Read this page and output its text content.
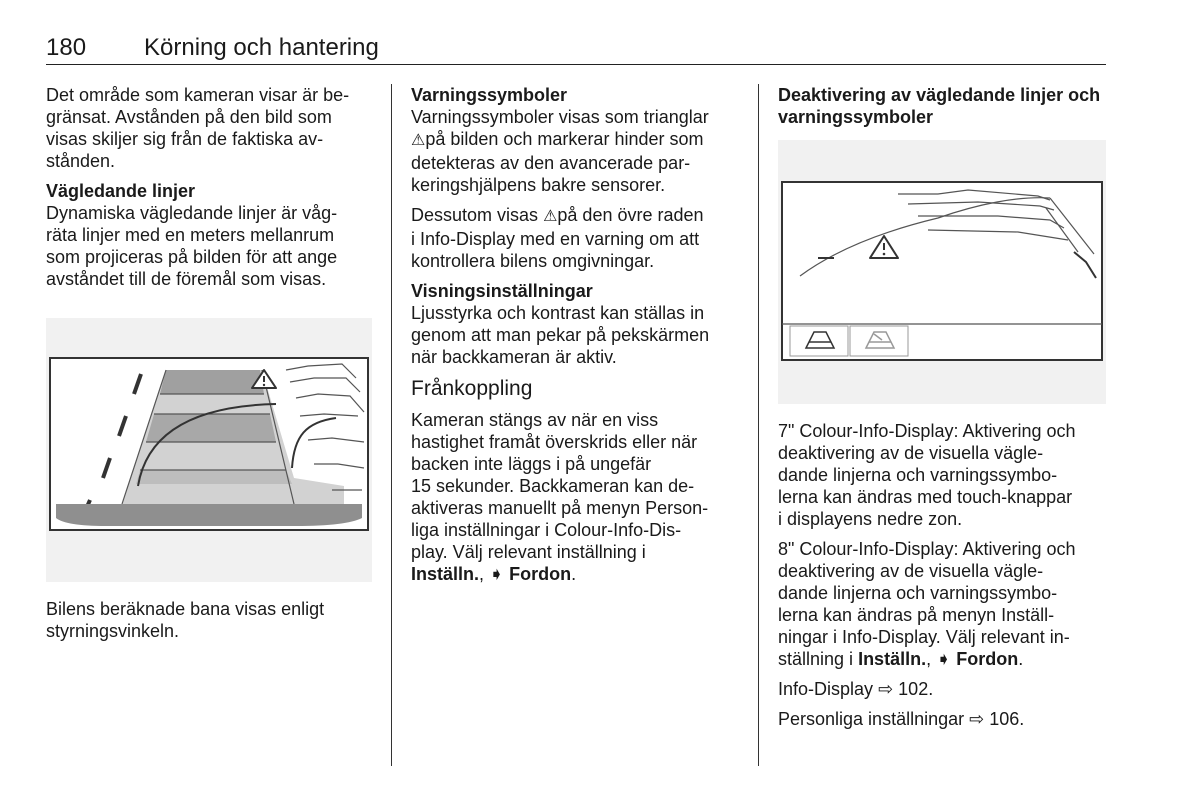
180 Körning och hantering

Det område som kameran visar är be-
gränsat. Avstånden på den bild som
visas skiljer sig från de faktiska av-
stånden.

Vägledande linjer

Dynamiska vägledande linjer är våg-
räta linjer med en meters mellanrum
som projiceras på bilden för att ange
avståndet till de föremål som visas.

Bilens beräknade bana visas enligt
styrningsvinkeln.
Varningssymboler

Varningssymboler visas som trianglar
⚠på bilden och markerar hinder som
detekteras av den avancerade par-
keringshjälpens bakre sensorer.

Dessutom visas ⚠på den övre raden
i Info-Display med en varning om att
kontrollera bilens omgivningar.

Visningsinställningar

Ljusstyrka och kontrast kan ställas in
genom att man pekar på pekskärmen
när backkameran är aktiv.

Frånkoppling

Kameran stängs av när en viss
hastighet framåt överskrids eller när
backen inte läggs i på ungefär
15 sekunder. Backkameran kan de-
aktiveras manuellt på menyn Person-
liga inställningar i Colour-Info-Dis-
play. Välj relevant inställning i
Inställn., ➧ Fordon.

Deaktivering av vägledande linjer och
varningssymboler

7" Colour-Info-Display: Aktivering och
deaktivering av de visuella vägle-
dande linjerna och varningssymbo-
lerna kan ändras med touch-knappar
i displayens nedre zon.

8" Colour-Info-Display: Aktivering och
deaktivering av de visuella vägle-
dande linjerna och varningssymbo-
lerna kan ändras på menyn Inställ-
ningar i Info-Display. Välj relevant in-
ställning i Inställn., ➧ Fordon.

Info-Display ⇨ 102.

Personliga inställningar ⇨ 106.
